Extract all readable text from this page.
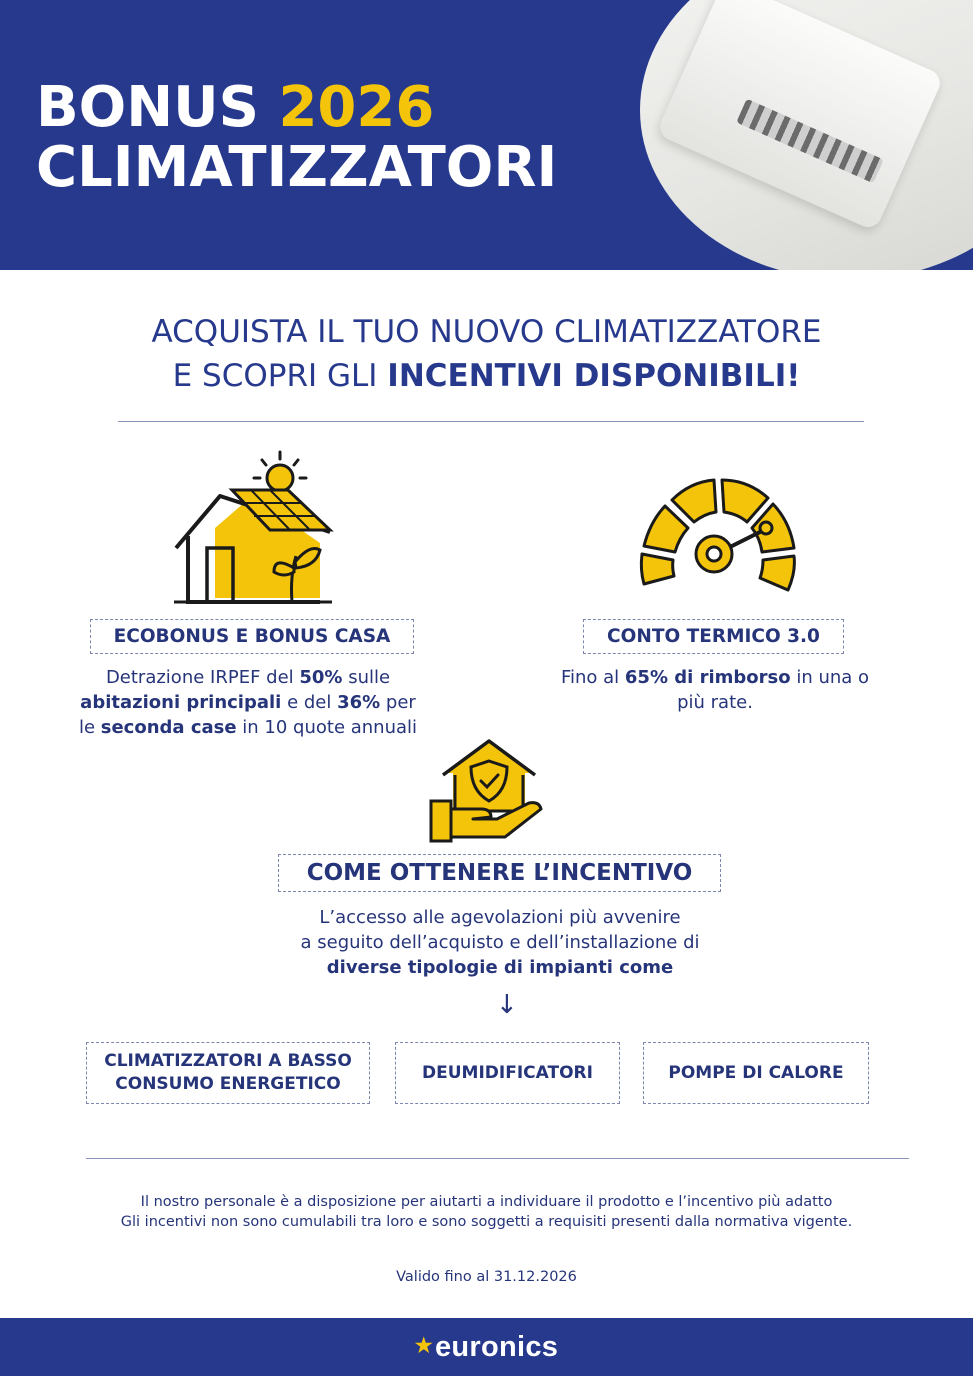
BONUS 2026
CLIMATIZZATORI
ACQUISTA IL TUO NUOVO CLIMATIZZATORE
E SCOPRI GLI INCENTIVI DISPONIBILI!
ECOBONUS E BONUS CASA
Detrazione IRPEF del 50% sulle abitazioni principali e del 36% per le seconda case in 10 quote annuali
CONTO TERMICO 3.0
Fino al 65% di rimborso in una o più rate.
COME OTTENERE L’INCENTIVO
L’accesso alle agevolazioni più avvenire
a seguito dell’acquisto e dell’installazione di
diverse tipologie di impianti come
↓
CLIMATIZZATORI A BASSO
CONSUMO ENERGETICO
DEUMIDIFICATORI	POMPE DI CALORE
Il nostro personale è a disposizione per aiutarti a individuare il prodotto e l’incentivo più adatto
Gli incentivi non sono cumulabili tra loro e sono soggetti a requisiti presenti dalla normativa vigente.
Valido fino al 31.12.2026
★euronics
